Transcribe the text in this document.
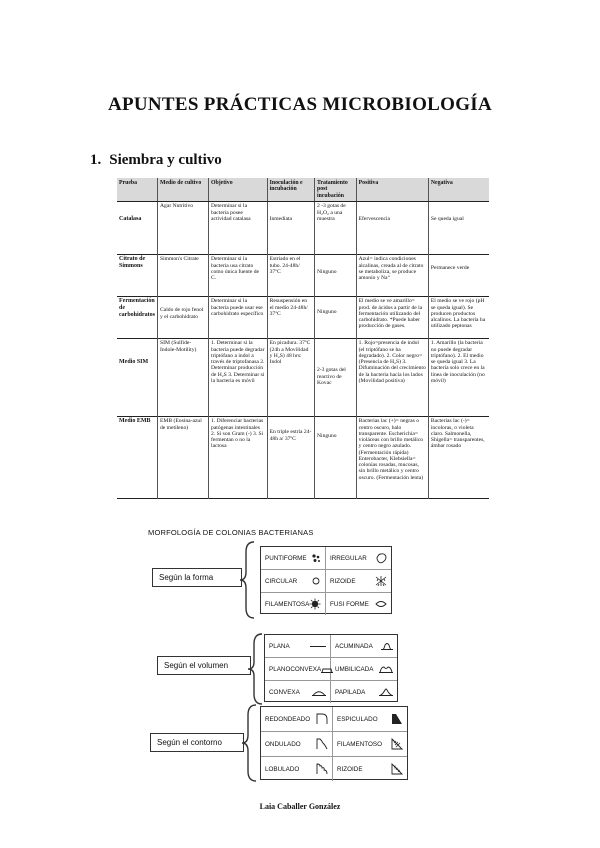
APUNTES PRÁCTICAS MICROBIOLOGÍA
1. Siembra y cultivo
Prueba	Medio de cultivo	Objetivo	Inoculación e incubación	Tratamiento post incubación	Positiva	Negativa
Catalasa	Agar Nutritivo	Determinar si la bacteria posee actividad catalasa	Inmediata	2 -3 gotas de H₂O₂ a una muestra	Efervescencia	Se queda igual
Citrato de Simmons	Simmon's Citrate	Determinar si la bacteria usa citrato como única fuente de C.	Estriado en el tubo. 24-48h/ 37ºC	Ninguno	Azul= indica condiciones alcalinas, creada al de citrato se metaboliza, se produce amonio y Na⁺	Permanece verde
Fermentación de carbohidratos	Caldo de rojo fenol y el carbohidrato	Determinar si la bacteria puede usar ese carbohidrato específico	Resuspensión en el medio 24-48h/ 37ºC	Ninguno	El medio se ve amarillo= prod. de ácidos a partir de la fermentación utilizando del carbohidrato. *Puede haber producción de gases.	El medio se ve rojo (pH se queda igual). Se producen productos alcalinos. La bacteria ha utilizado peptonas
Medio SIM	SIM (Sulfide-Indole-Motility)	1. Determinar si la bacteria puede degradar triptófano a indol a través de triptofanasa 2. Determinar producción de H₂S 3. Determinar si la bacteria es móvil	En picadura. 37ºC (24h a Movilidad y H₂S) 48 hrs: Indol	2-3 gotas del reactivo de Kovac	1. Rojo=presencia de indol (el triptófano se ha degradado). 2. Color negro= (Presencia de H₂S) 3. Difuminación del crecimiento de la bacteria hacia los lados (Movilidad positiva)	1. Amarillo (la bacteria no puede degradar triptófano). 2. El medio se queda igual 3. La bacteria solo crece en la línea de inoculación (no móvil)
Medio EMB	EMB (Eosina-azul de metileno)	1. Diferenciar bacterias patógenas intestinales 2. Si son Gram (-) 3. Si fermentan o no la lactosa	En triple estría 24-48h a/ 37ºC	Ninguno	Bacterias lac (+)= negras o centro oscuro, halo transparente. Escherichia= violáceas con brillo metálico y centro negro azulado. (Fermentación rápida) Enterobacter, Klebsiella= colonias rosadas, mucosas, sin brillo metálico y centro oscuro. (Fermentación lenta)	Bacterias lac (-)= incoloras, o violeta claro. Salmonella, Shigella= transparentes, ámbar rosado
MORFOLOGÍA DE COLONIAS BACTERIANAS
Según la forma
PUNTIFORME	IRREGULAR
CIRCULAR	RIZOIDE
FILAMENTOSA	FUSI FORME
Según el volumen
PLANA	ACUMINADA
PLANOCONVEXA UMBILICADA
CONVEXA	PAPILADA
Según el contorno
REDONDEADO	ESPICULADO
ONDULADO	FILAMENTOSO
LOBULADO	RIZOIDE
Laia Caballer González
